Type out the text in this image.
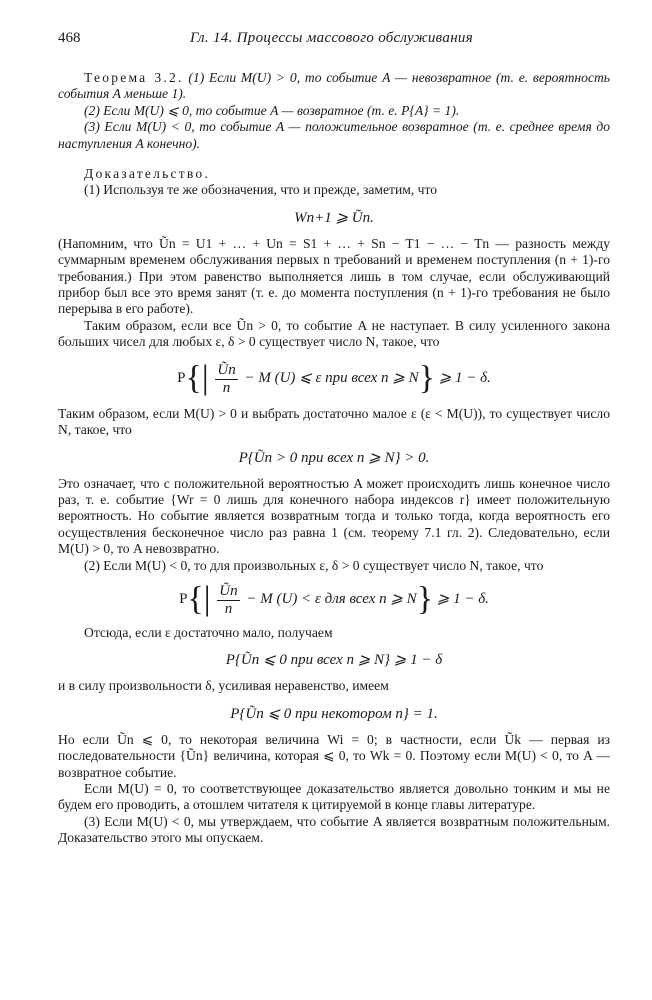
468	Гл. 14. Процессы массового обслуживания

Теорема 3.2. (1) Если M(U) > 0, то событие A — невозвратное (т. е. вероятность события A меньше 1).

(2) Если M(U) ⩽ 0, то событие A — возвратное (т. е. P{A} = 1).

(3) Если M(U) < 0, то событие A — положительное возвратное (т. е. среднее время до наступления A конечно).

Доказательство.

(1) Используя те же обозначения, что и прежде, заметим, что

Wn+1 ⩾ Ũn.

(Напомним, что Ũn = U1 + … + Un = S1 + … + Sn − T1 − … − Tn — разность между суммарным временем обслуживания первых n требований и временем поступления (n + 1)-го требования.) При этом равенство выполняется лишь в том случае, если обслуживающий прибор был все это время занят (т. е. до момента поступления (n + 1)-го требования не было перерыва в его работе).

Таким образом, если все Ũn > 0, то событие A не наступает. В силу усиленного закона больших чисел для любых ε, δ > 0 существует число N, такое, что

$P\{| \frac{Ũn}{n} - M$ (U) ⩽ ε при всех n ⩾ N} ⩾ 1 − δ.

Таким образом, если M(U) > 0 и выбрать достаточно малое ε (ε < M(U)), то существует число N, такое, что

P{Ũn > 0 при всех n ⩾ N} > 0.

Это означает, что с положительной вероятностью A может происходить лишь конечное число раз, т. е. событие {Wr = 0 лишь для конечного набора индексов r} имеет положительную вероятность. Но событие является возвратным тогда и только тогда, когда вероятность его осуществления бесконечное число раз равна 1 (см. теорему 7.1 гл. 2). Следовательно, если M(U) > 0, то A невозвратно.

(2) Если M(U) < 0, то для произвольных ε, δ > 0 существует число N, такое, что

$P\{| \frac{Ũn}{n} - M$ (U) < ε для всех n ⩾ N} ⩾ 1 − δ.

Отсюда, если ε достаточно мало, получаем

P{Ũn ⩽ 0 при всех n ⩾ N} ⩾ 1 − δ

и в силу произвольности δ, усиливая неравенство, имеем

P{Ũn ⩽ 0 при некотором n} = 1.

Но если Ũn ⩽ 0, то некоторая величина Wi = 0; в частности, если Ũk — первая из последовательности {Ũn} величина, которая ⩽ 0, то Wk = 0. Поэтому если M(U) < 0, то A — возвратное событие.

Если M(U) = 0, то соответствующее доказательство является довольно тонким и мы не будем его проводить, а отошлем читателя к цитируемой в конце главы литературе.

(3) Если M(U) < 0, мы утверждаем, что событие A является возвратным положительным. Доказательство этого мы опускаем.
